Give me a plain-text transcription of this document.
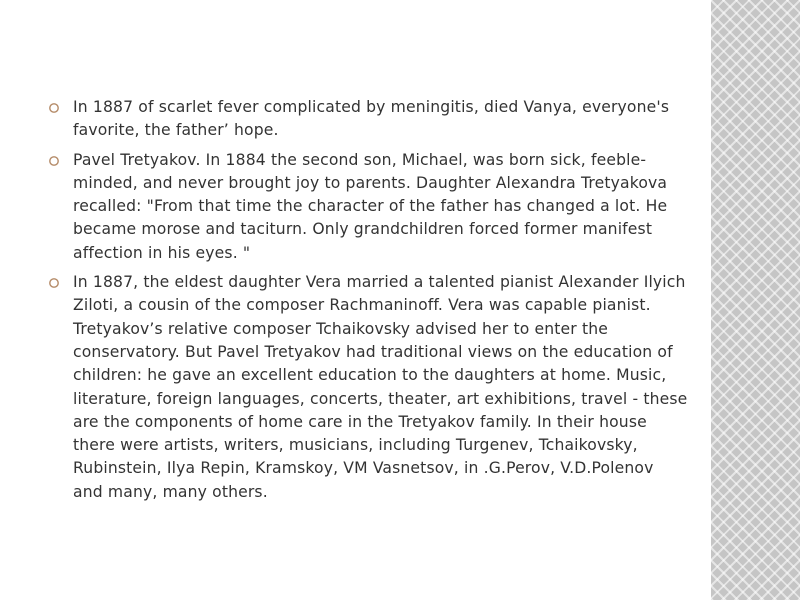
In 1887 of scarlet fever complicated by meningitis, died Vanya, everyone's favorite, the father’ hope.
Pavel Tretyakov. In 1884 the second son, Michael, was born sick, feeble-minded, and never brought joy to parents. Daughter Alexandra Tretyakova recalled: "From that time the character of the father has changed a lot. He became morose and taciturn. Only grandchildren forced former manifest affection in his eyes. "
In 1887, the eldest daughter Vera married a talented pianist Alexander Ilyich Ziloti, a cousin of the composer Rachmaninoff. Vera was capable pianist. Tretyakov’s relative composer Tchaikovsky advised her to enter the conservatory. But Pavel Tretyakov had traditional views on the education of children: he gave an excellent education to the daughters at home. Music, literature, foreign languages, concerts, theater, art exhibitions, travel - these are the components of home care in the Tretyakov family. In their house there were artists, writers, musicians, including Turgenev, Tchaikovsky, Rubinstein, Ilya Repin, Kramskoy, VM Vasnetsov, in .G.Perov, V.D.Polenov and many, many others.
